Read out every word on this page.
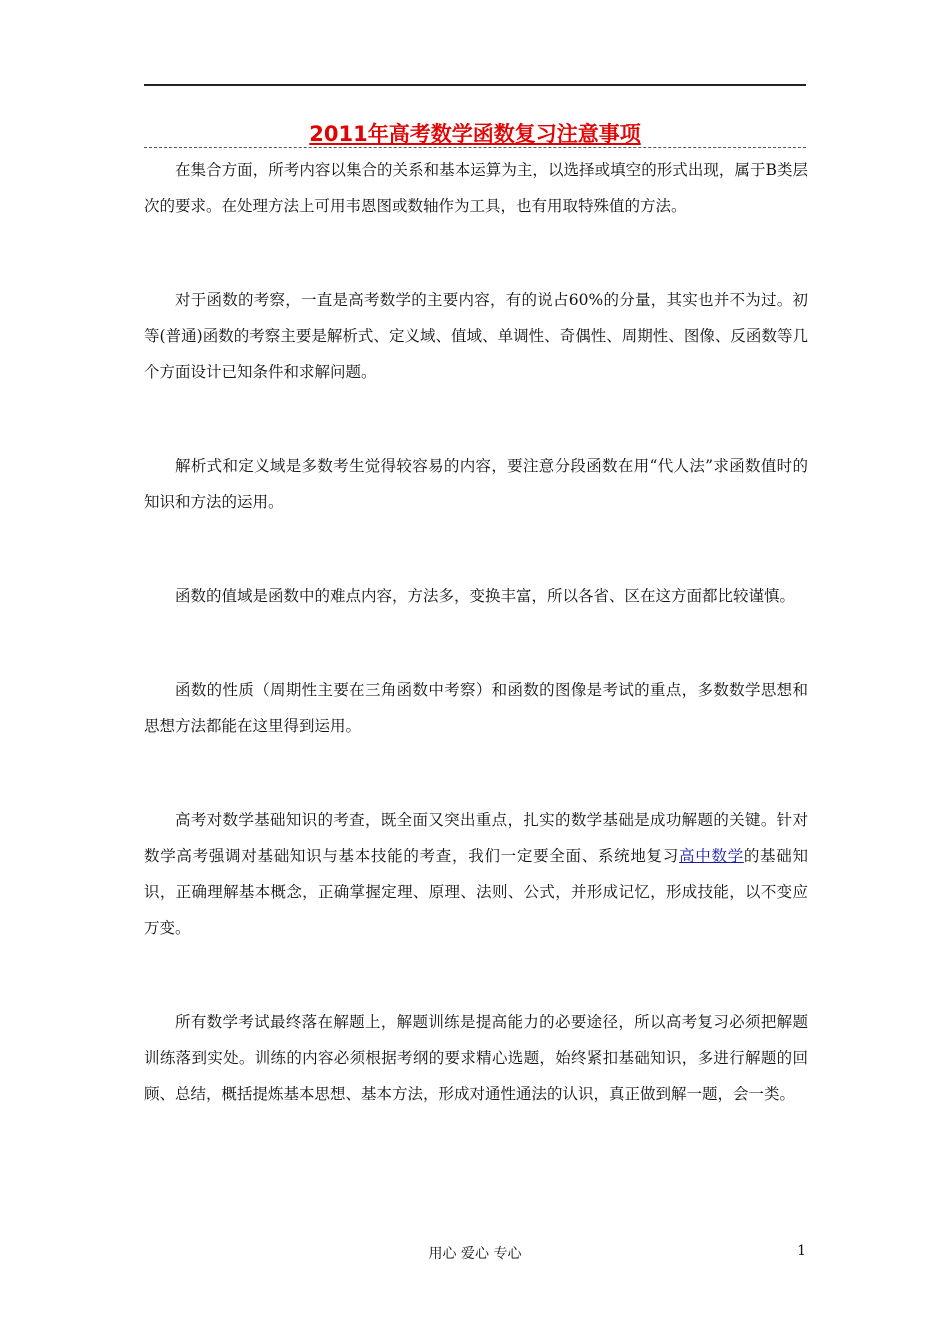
2011年高考数学函数复习注意事项

在集合方面，所考内容以集合的关系和基本运算为主，以选择或填空的形式出现，属于B类层次的要求。在处理方法上可用韦恩图或数轴作为工具，也有用取特殊值的方法。

对于函数的考察，一直是高考数学的主要内容，有的说占60%的分量，其实也并不为过。初等(普通)函数的考察主要是解析式、定义域、值域、单调性、奇偶性、周期性、图像、反函数等几个方面设计已知条件和求解问题。

解析式和定义域是多数考生觉得较容易的内容，要注意分段函数在用“代人法”求函数值时的知识和方法的运用。

函数的值域是函数中的难点内容，方法多，变换丰富，所以各省、区在这方面都比较谨慎。

函数的性质（周期性主要在三角函数中考察）和函数的图像是考试的重点，多数数学思想和思想方法都能在这里得到运用。

高考对数学基础知识的考查，既全面又突出重点，扎实的数学基础是成功解题的关键。针对数学高考强调对基础知识与基本技能的考查，我们一定要全面、系统地复习高中数学的基础知识，正确理解基本概念，正确掌握定理、原理、法则、公式，并形成记忆，形成技能，以不变应万变。

所有数学考试最终落在解题上，解题训练是提高能力的必要途径，所以高考复习必须把解题训练落到实处。训练的内容必须根据考纲的要求精心选题，始终紧扣基础知识，多进行解题的回顾、总结，概括提炼基本思想、基本方法，形成对通性通法的认识，真正做到解一题，会一类。

用心 爱心 专心	1
